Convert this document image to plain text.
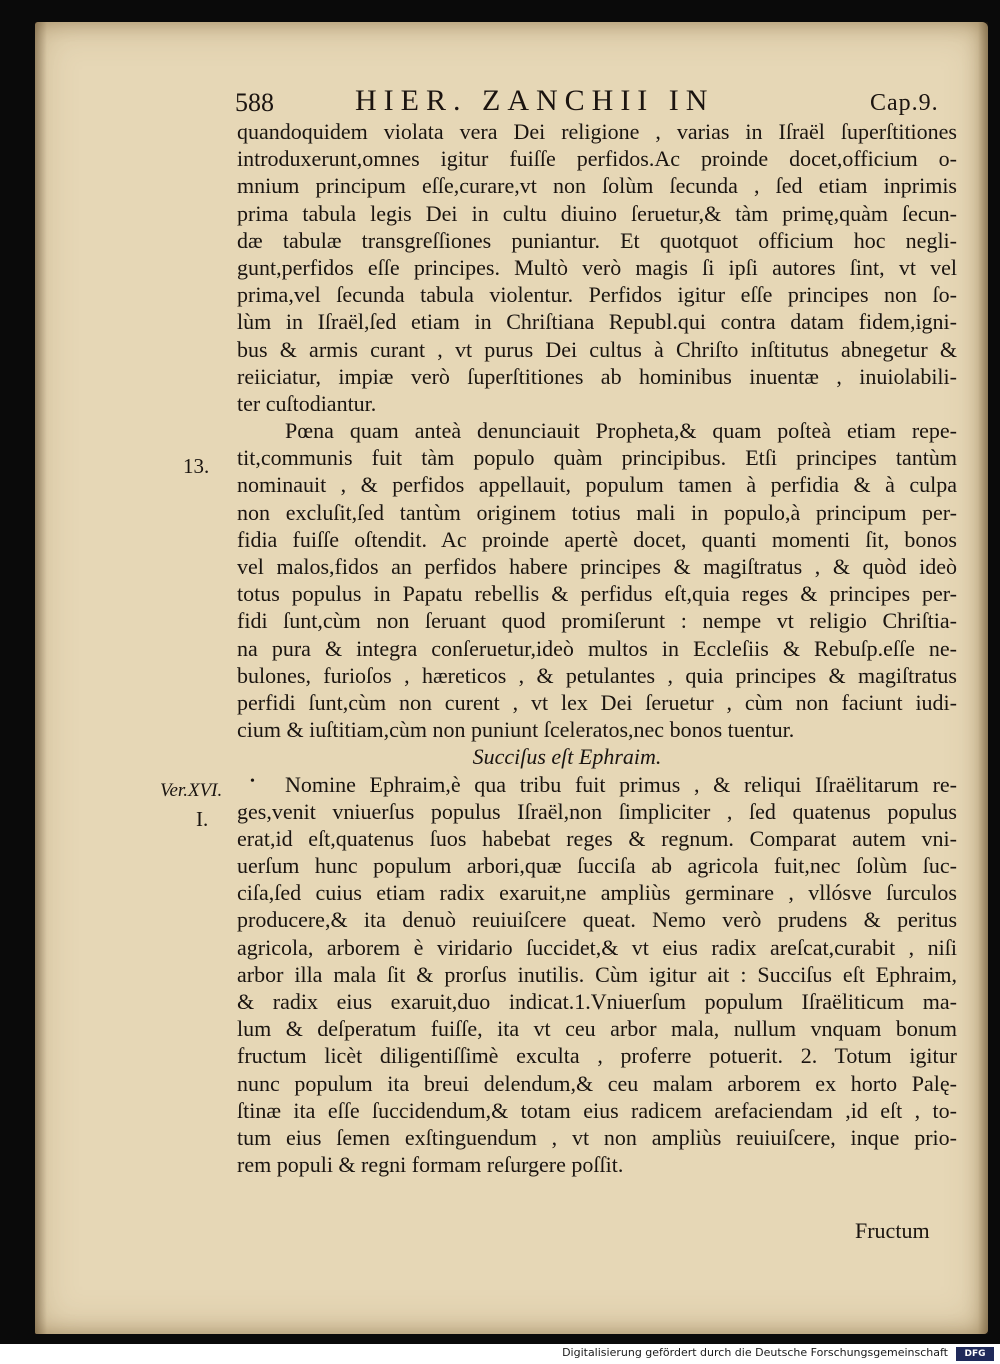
588	HIER. ZANCHII IN	Cap.9.
13.
Ver.XVI. •
I.
quandoquidem violata vera Dei religione , varias in Iſraël ſuperſtitiones
introduxerunt,omnes igitur fuiſſe perfidos.Ac proinde docet,officium o-
mnium principum eſſe,curare,vt non ſolùm ſecunda , ſed etiam inprimis
prima tabula legis Dei in cultu diuino ſeruetur,& tàm primę,quàm ſecun-
dæ tabulæ transgreſſiones puniantur. Et quotquot officium hoc negli-
gunt,perfidos eſſe principes. Multò verò magis ſi ipſi autores ſint, vt vel
prima,vel ſecunda tabula violentur. Perfidos igitur eſſe principes non ſo-
lùm in Iſraël,ſed etiam in Chriſtiana Republ.qui contra datam fidem,igni-
bus & armis curant , vt purus Dei cultus à Chriſto inſtitutus abnegetur &
reiiciatur, impiæ verò ſuperſtitiones ab hominibus inuentæ , inuiolabili-
ter cuſtodiantur.
Pœna quam anteà denunciauit Propheta,& quam poſteà etiam repe-
tit,communis fuit tàm populo quàm principibus. Etſi principes tantùm
nominauit , & perfidos appellauit, populum tamen à perfidia & à culpa
non excluſit,ſed tantùm originem totius mali in populo,à principum per-
fidia fuiſſe oſtendit. Ac proinde apertè docet, quanti momenti ſit, bonos
vel malos,fidos an perfidos habere principes & magiſtratus , & quòd ideò
totus populus in Papatu rebellis & perfidus eſt,quia reges & principes per-
fidi ſunt,cùm non ſeruant quod promiſerunt : nempe vt religio Chriſtia-
na pura & integra conſeruetur,ideò multos in Eccleſiis & Rebuſp.eſſe ne-
bulones, furioſos , hæreticos , & petulantes , quia principes & magiſtratus
perfidi ſunt,cùm non curent , vt lex Dei ſeruetur , cùm non faciunt iudi-
cium & iuſtitiam,cùm non puniunt ſceleratos,nec bonos tuentur.
Succiſus eſt Ephraim.
Nomine Ephraim,è qua tribu fuit primus , & reliqui Iſraëlitarum re-
ges,venit vniuerſus populus Iſraël,non ſimpliciter , ſed quatenus populus
erat,id eſt,quatenus ſuos habebat reges & regnum. Comparat autem vni-
uerſum hunc populum arbori,quæ ſucciſa ab agricola fuit,nec ſolùm ſuc-
ciſa,ſed cuius etiam radix exaruit,ne ampliùs germinare , vllósve ſurculos
producere,& ita denuò reuiuiſcere queat. Nemo verò prudens & peritus
agricola, arborem è viridario ſuccidet,& vt eius radix areſcat,curabit , niſi
arbor illa mala ſit & prorſus inutilis. Cùm igitur ait : Succiſus eſt Ephraim,
& radix eius exaruit,duo indicat.1.Vniuerſum populum Iſraëliticum ma-
lum & deſperatum fuiſſe, ita vt ceu arbor mala, nullum vnquam bonum
fructum licèt diligentiſſimè exculta , proferre potuerit. 2. Totum igitur
nunc populum ita breui delendum,& ceu malam arborem ex horto Palę-
ſtinæ ita eſſe ſuccidendum,& totam eius radicem arefaciendam ,id eſt , to-
tum eius ſemen exſtinguendum , vt non ampliùs reuiuiſcere, inque prio-
rem populi & regni formam reſurgere poſſit.
Fructum
Digitalisierung gefördert durch die Deutsche Forschungsgemeinschaft	DFG
